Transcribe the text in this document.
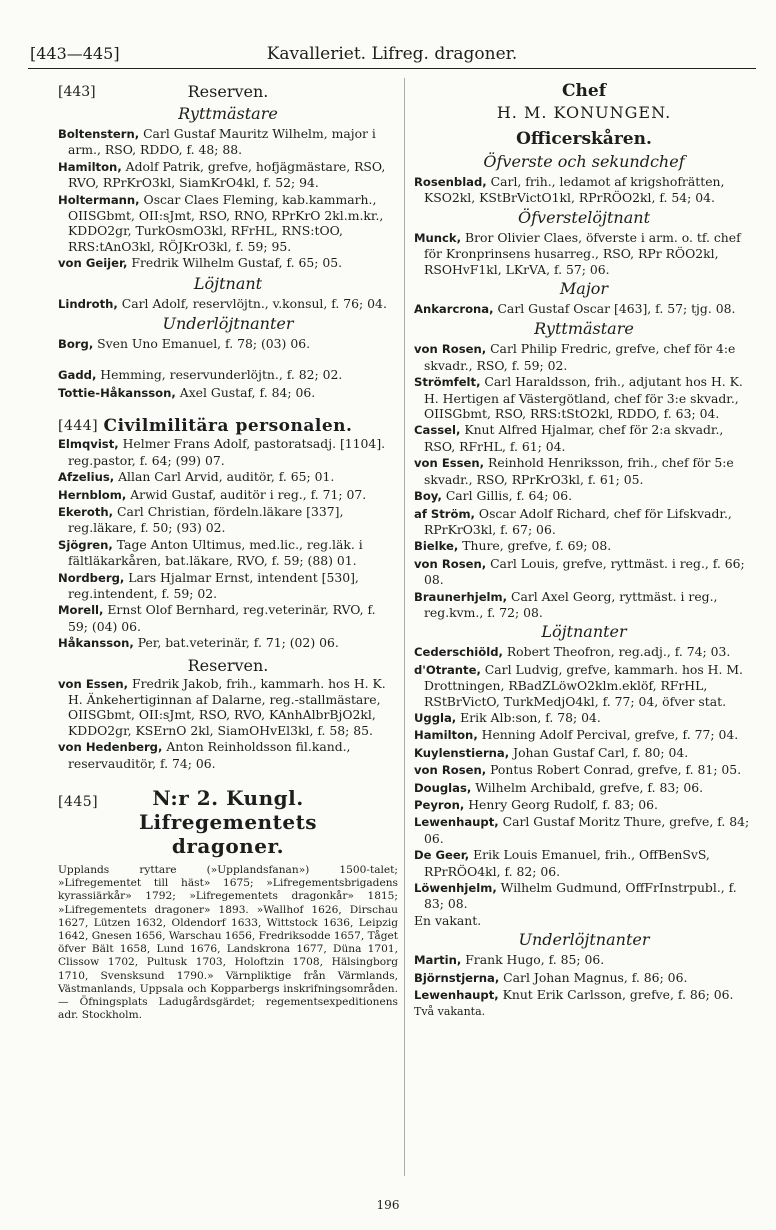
[443—445]	Kavalleriet. Lifreg. dragoner.
[443]	Reserven.
Ryttmästare

Boltenstern, Carl Gustaf Mauritz Wilhelm, major i arm., RSO, RDDO, f. 48; 88.

Hamilton, Adolf Patrik, grefve, hofjägmästare, RSO, RVO, RPrKrO3kl, SiamKrO4kl, f. 52; 94.

Holtermann, Oscar Claes Fleming, kab.kammarh., OIISGbmt, OII:sJmt, RSO, RNO, RPrKrO 2kl.m.kr., KDDO2gr, TurkOsmO3kl, RFrHL, RNS:tOO, RRS:tAnO3kl, RÖJKrO3kl, f. 59; 95.

von Geijer, Fredrik Wilhelm Gustaf, f. 65; 05.

Löjtnant

Lindroth, Carl Adolf, reservlöjtn., v.konsul, f. 76; 04.

Underlöjtnanter

Borg, Sven Uno Emanuel, f. 78; (03) 06.

Gadd, Hemming, reservunderlöjtn., f. 82; 02.

Tottie-Håkansson, Axel Gustaf, f. 84; 06.

[444] Civilmilitära personalen.

Elmqvist, Helmer Frans Adolf, pastoratsadj. [1104]. reg.pastor, f. 64; (99) 07.

Afzelius, Allan Carl Arvid, auditör, f. 65; 01.

Hernblom, Arwid Gustaf, auditör i reg., f. 71; 07.

Ekeroth, Carl Christian, fördeln.läkare [337], reg.läkare, f. 50; (93) 02.

Sjögren, Tage Anton Ultimus, med.lic., reg.läk. i fältläkarkåren, bat.läkare, RVO, f. 59; (88) 01.

Nordberg, Lars Hjalmar Ernst, intendent [530], reg.intendent, f. 59; 02.

Morell, Ernst Olof Bernhard, reg.veterinär, RVO, f. 59; (04) 06.

Håkansson, Per, bat.veterinär, f. 71; (02) 06.

Reserven.

von Essen, Fredrik Jakob, frih., kammarh. hos H. K. H. Änkehertiginnan af Dalarne, reg.-stallmästare, OIISGbmt, OII:sJmt, RSO, RVO, KAnhAlbrBjO2kl, KDDO2gr, KSErnO 2kl, SiamOHvEl3kl, f. 58; 85.

von Hedenberg, Anton Reinholdsson fil.kand., reservauditör, f. 74; 06.

[445]	N:r 2. Kungl. Lifregementets dragoner.

Upplands ryttare (»Upplandsfanan») 1500-talet; »Lifregementet till häst» 1675; »Lifregementsbrigadens kyrassiärkår» 1792; »Lifregementets dragonkår» 1815; »Lifregementets dragoner» 1893. »Wallhof 1626, Dirschau 1627, Lützen 1632, Oldendorf 1633, Wittstock 1636, Leipzig 1642, Gnesen 1656, Warschau 1656, Fredriksodde 1657, Tåget öfver Bält 1658, Lund 1676, Landskrona 1677, Düna 1701, Clissow 1702, Pultusk 1703, Holoftzin 1708, Hälsingborg 1710, Svensksund 1790.» Värnpliktige från Värmlands, Västmanlands, Uppsala och Kopparbergs inskrifningsområden. — Öfningsplats Ladugårdsgärdet; regementsexpeditionens adr. Stockholm.

Chef
H. M. KONUNGEN.
Officerskåren.
Öfverste och sekundchef

Rosenblad, Carl, frih., ledamot af krigshofrätten, KSO2kl, KStBrVictO1kl, RPrRÖO2kl, f. 54; 04.

Öfverstelöjtnant

Munck, Bror Olivier Claes, öfverste i arm. o. tf. chef för Kronprinsens husarreg., RSO, RPr RÖO2kl, RSOHvF1kl, LKrVA, f. 57; 06.

Major

Ankarcrona, Carl Gustaf Oscar [463], f. 57; tjg. 08.

Ryttmästare

von Rosen, Carl Philip Fredric, grefve, chef för 4:e skvadr., RSO, f. 59; 02.

Strömfelt, Carl Haraldsson, frih., adjutant hos H. K. H. Hertigen af Västergötland, chef för 3:e skvadr., OIISGbmt, RSO, RRS:tStO2kl, RDDO, f. 63; 04.

Cassel, Knut Alfred Hjalmar, chef för 2:a skvadr., RSO, RFrHL, f. 61; 04.

von Essen, Reinhold Henriksson, frih., chef för 5:e skvadr., RSO, RPrKrO3kl, f. 61; 05.

Boy, Carl Gillis, f. 64; 06.

af Ström, Oscar Adolf Richard, chef för Lifskvadr., RPrKrO3kl, f. 67; 06.

Bielke, Thure, grefve, f. 69; 08.

von Rosen, Carl Louis, grefve, ryttmäst. i reg., f. 66; 08.

Braunerhjelm, Carl Axel Georg, ryttmäst. i reg., reg.kvm., f. 72; 08.

Löjtnanter

Cederschiöld, Robert Theofron, reg.adj., f. 74; 03.

d'Otrante, Carl Ludvig, grefve, kammarh. hos H. M. Drottningen, RBadZLöwO2klm.eklöf, RFrHL, RStBrVictO, TurkMedjO4kl, f. 77; 04, öfver stat.

Uggla, Erik Alb:son, f. 78; 04.

Hamilton, Henning Adolf Percival, grefve, f. 77; 04.

Kuylenstierna, Johan Gustaf Carl, f. 80; 04.

von Rosen, Pontus Robert Conrad, grefve, f. 81; 05.

Douglas, Wilhelm Archibald, grefve, f. 83; 06.

Peyron, Henry Georg Rudolf, f. 83; 06.

Lewenhaupt, Carl Gustaf Moritz Thure, grefve, f. 84; 06.

De Geer, Erik Louis Emanuel, frih., OffBenSvS, RPrRÖO4kl, f. 82; 06.

Löwenhjelm, Wilhelm Gudmund, OffFrInstrpubl., f. 83; 08.

En vakant.

Underlöjtnanter

Martin, Frank Hugo, f. 85; 06.

Björnstjerna, Carl Johan Magnus, f. 86; 06.

Lewenhaupt, Knut Erik Carlsson, grefve, f. 86; 06.

Två vakanta.

196
